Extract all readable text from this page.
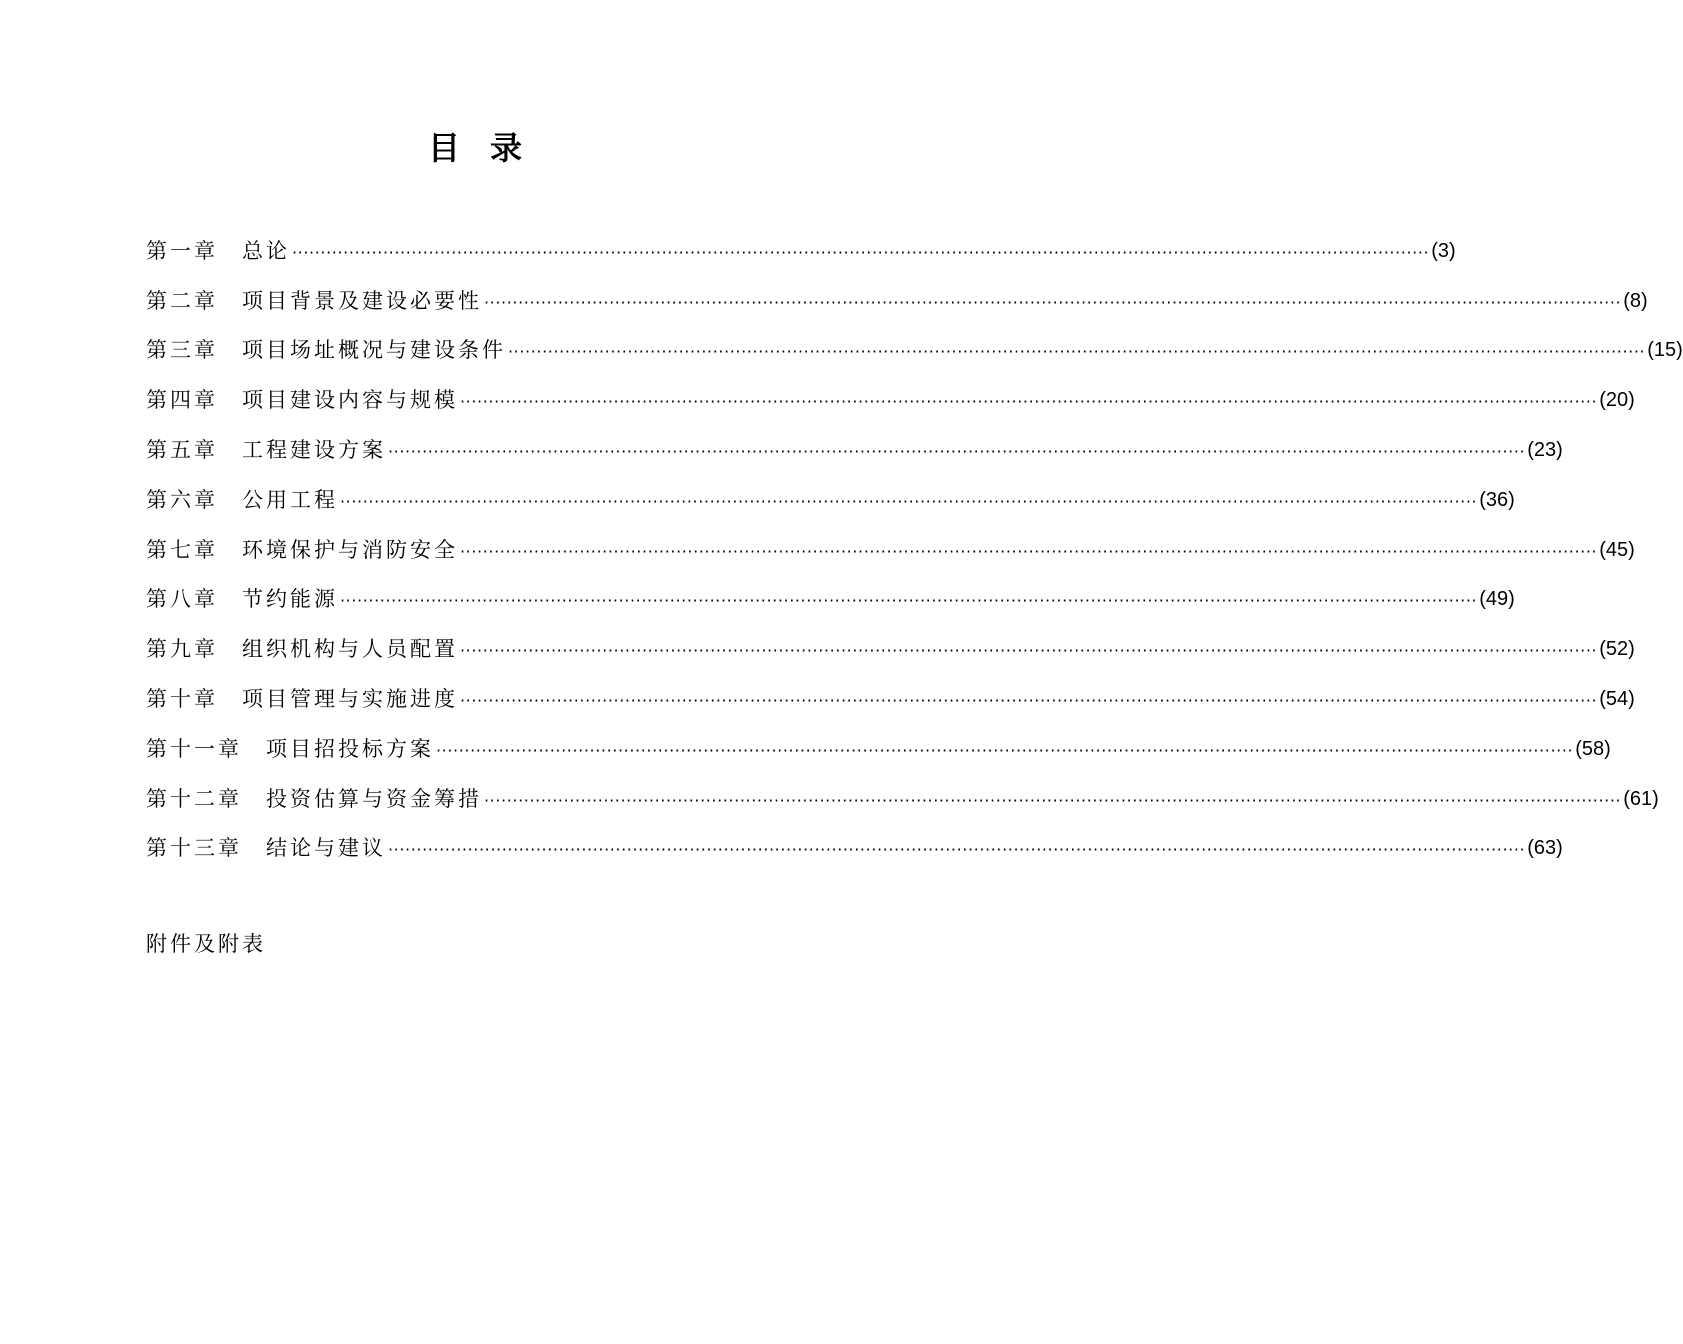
目 录
第一章 总论 ········································································································································································································ (3)
第二章 项目背景及建设必要性 ········································································································································································································ (8)
第三章 项目场址概况与建设条件 ········································································································································································································ (15)
第四章 项目建设内容与规模 ········································································································································································································ (20)
第五章 工程建设方案 ········································································································································································································ (23)
第六章 公用工程 ········································································································································································································ (36)
第七章 环境保护与消防安全 ········································································································································································································ (45)
第八章 节约能源 ········································································································································································································ (49)
第九章 组织机构与人员配置 ········································································································································································································ (52)
第十章 项目管理与实施进度 ········································································································································································································ (54)
第十一章 项目招投标方案 ········································································································································································································ (58)
第十二章 投资估算与资金筹措 ········································································································································································································ (61)
第十三章 结论与建议 ········································································································································································································ (63)
附件及附表
